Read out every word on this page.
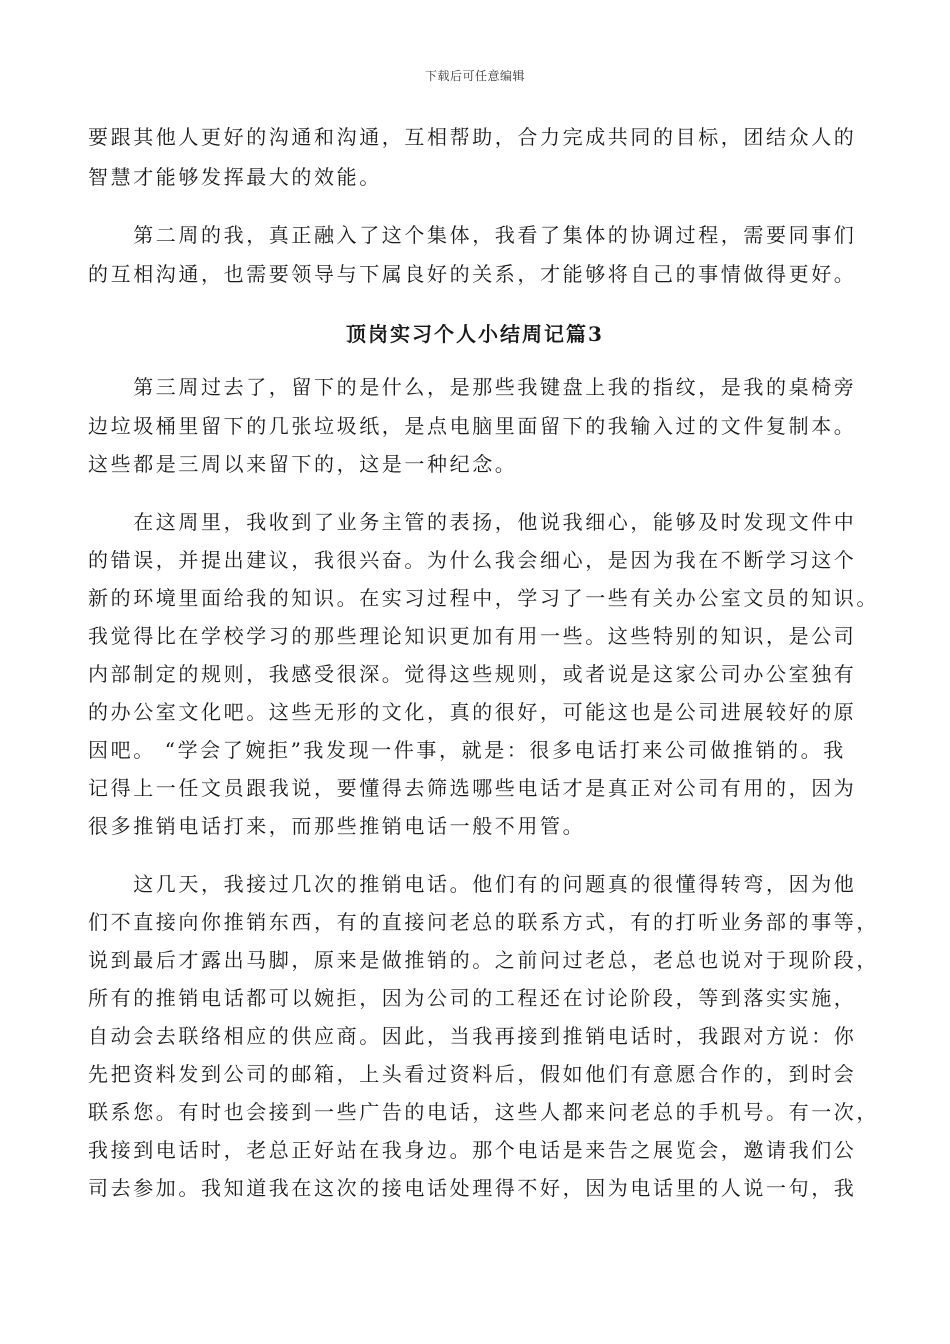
下载后可任意编辑
要跟其他人更好的沟通和沟通，互相帮助，合力完成共同的目标，团结众人的
智慧才能够发挥最大的效能。
　　第二周的我，真正融入了这个集体，我看了集体的协调过程，需要同事们
的互相沟通，也需要领导与下属良好的关系，才能够将自己的事情做得更好。
顶岗实习个人小结周记篇3
　　第三周过去了，留下的是什么，是那些我键盘上我的指纹，是我的桌椅旁
边垃圾桶里留下的几张垃圾纸，是点电脑里面留下的我输入过的文件复制本。
这些都是三周以来留下的，这是一种纪念。
　　在这周里，我收到了业务主管的表扬，他说我细心，能够及时发现文件中
的错误，并提出建议，我很兴奋。为什么我会细心，是因为我在不断学习这个
新的环境里面给我的知识。在实习过程中，学习了一些有关办公室文员的知识。
我觉得比在学校学习的那些理论知识更加有用一些。这些特别的知识，是公司
内部制定的规则，我感受很深。觉得这些规则，或者说是这家公司办公室独有
的办公室文化吧。这些无形的文化，真的很好，可能这也是公司进展较好的原
因吧。 “学会了婉拒”我发现一件事，就是：很多电话打来公司做推销的。我
记得上一任文员跟我说，要懂得去筛选哪些电话才是真正对公司有用的，因为
很多推销电话打来，而那些推销电话一般不用管。
　　这几天，我接过几次的推销电话。他们有的问题真的很懂得转弯，因为他
们不直接向你推销东西，有的直接问老总的联系方式，有的打听业务部的事等，
说到最后才露出马脚，原来是做推销的。之前问过老总，老总也说对于现阶段，
所有的推销电话都可以婉拒，因为公司的工程还在讨论阶段，等到落实实施，
自动会去联络相应的供应商。因此，当我再接到推销电话时，我跟对方说：你
先把资料发到公司的邮箱，上头看过资料后，假如他们有意愿合作的，到时会
联系您。有时也会接到一些广告的电话，这些人都来问老总的手机号。有一次，
我接到电话时，老总正好站在我身边。那个电话是来告之展览会，邀请我们公
司去参加。我知道我在这次的接电话处理得不好，因为电话里的人说一句，我
